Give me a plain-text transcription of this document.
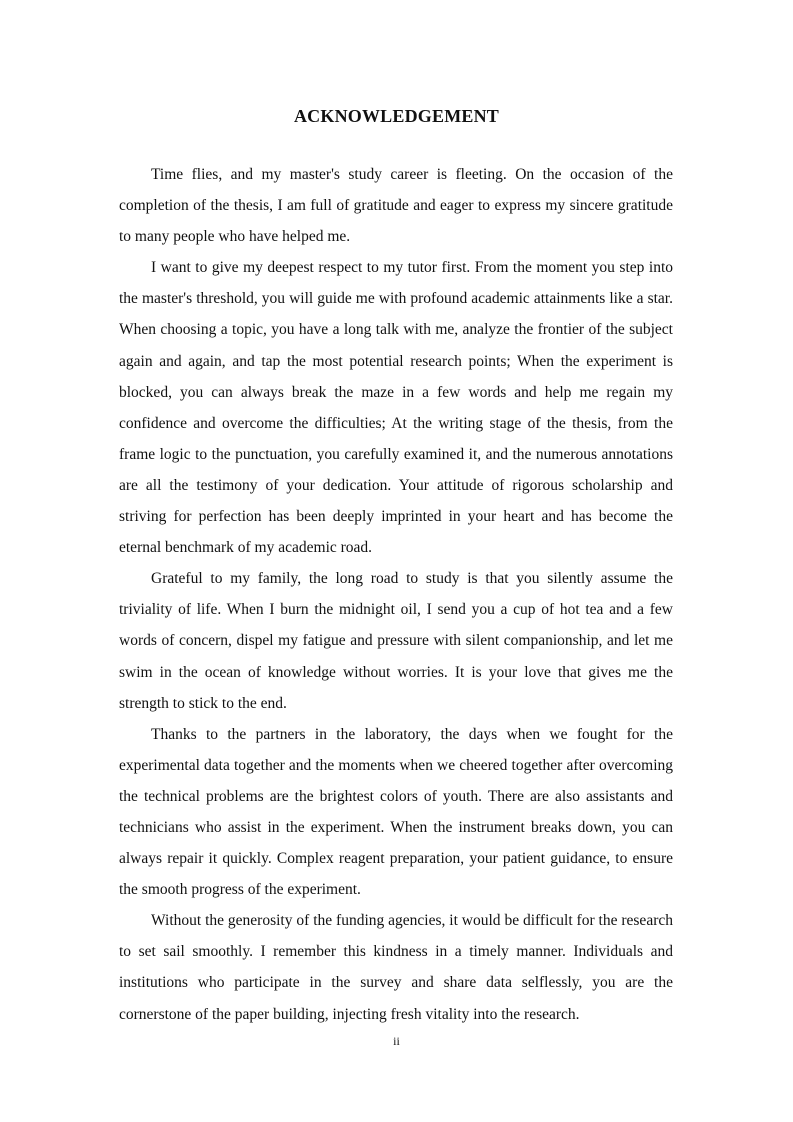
ACKNOWLEDGEMENT

Time flies, and my master's study career is fleeting. On the occasion of the completion of the thesis, I am full of gratitude and eager to express my sincere gratitude to many people who have helped me.

I want to give my deepest respect to my tutor first. From the moment you step into the master's threshold, you will guide me with profound academic attainments like a star. When choosing a topic, you have a long talk with me, analyze the frontier of the subject again and again, and tap the most potential research points; When the experiment is blocked, you can always break the maze in a few words and help me regain my confidence and overcome the difficulties; At the writing stage of the thesis, from the frame logic to the punctuation, you carefully examined it, and the numerous annotations are all the testimony of your dedication. Your attitude of rigorous scholarship and striving for perfection has been deeply imprinted in your heart and has become the eternal benchmark of my academic road.

Grateful to my family, the long road to study is that you silently assume the triviality of life. When I burn the midnight oil, I send you a cup of hot tea and a few words of concern, dispel my fatigue and pressure with silent companionship, and let me swim in the ocean of knowledge without worries. It is your love that gives me the strength to stick to the end.

Thanks to the partners in the laboratory, the days when we fought for the experimental data together and the moments when we cheered together after overcoming the technical problems are the brightest colors of youth. There are also assistants and technicians who assist in the experiment. When the instrument breaks down, you can always repair it quickly. Complex reagent preparation, your patient guidance, to ensure the smooth progress of the experiment.

Without the generosity of the funding agencies, it would be difficult for the research to set sail smoothly. I remember this kindness in a timely manner. Individuals and institutions who participate in the survey and share data selflessly, you are the cornerstone of the paper building, injecting fresh vitality into the research.

ii
